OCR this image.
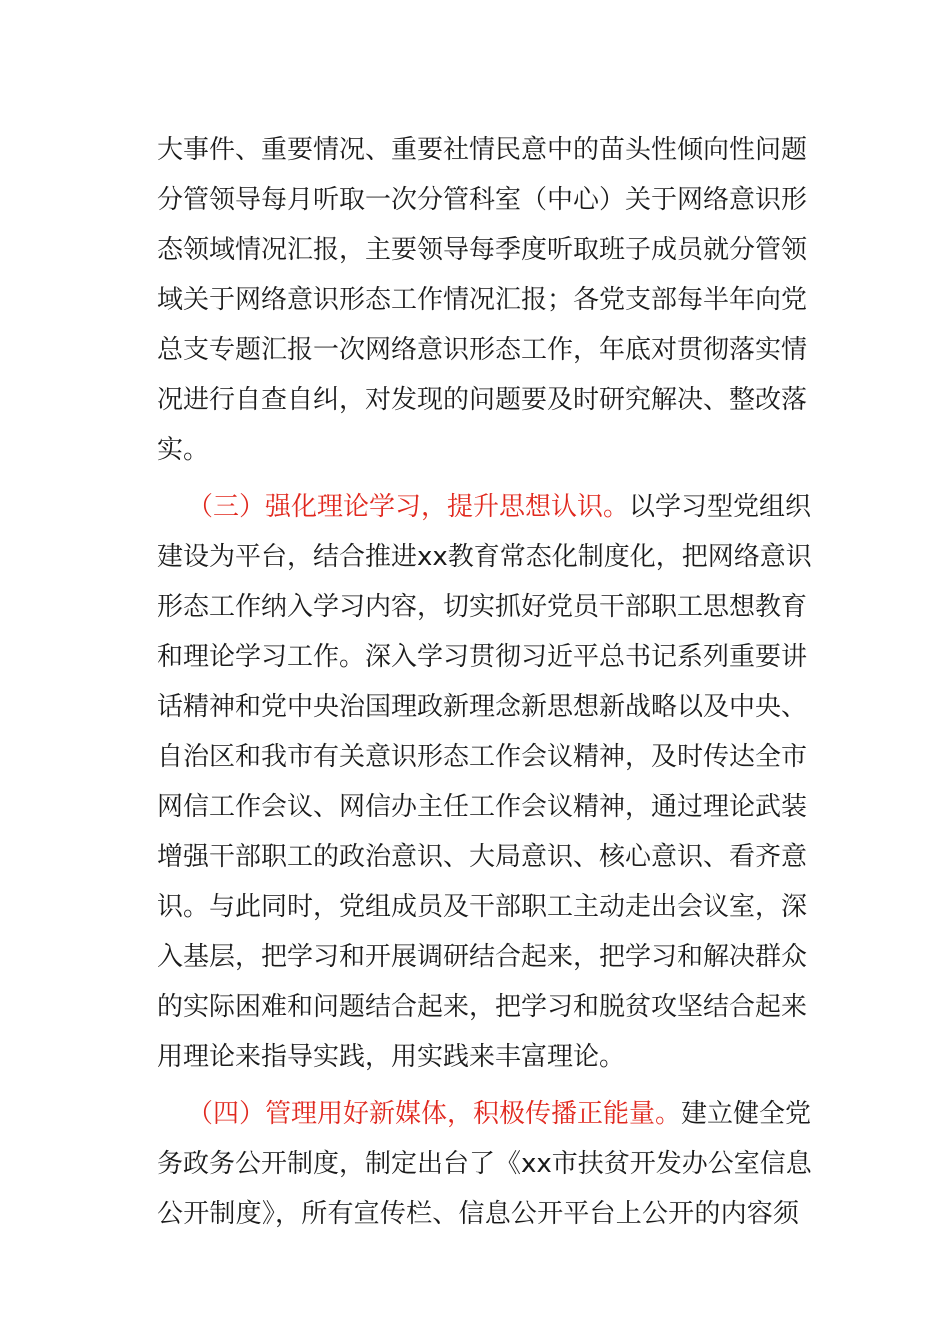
大事件、重要情况、重要社情民意中的苗头性倾向性问题
分管领导每月听取一次分管科室（中心）关于网络意识形
态领域情况汇报，主要领导每季度听取班子成员就分管领
域关于网络意识形态工作情况汇报；各党支部每半年向党
总支专题汇报一次网络意识形态工作，年底对贯彻落实情
况进行自查自纠，对发现的问题要及时研究解决、整改落
实。
（三）强化理论学习，提升思想认识。以学习型党组织
建设为平台，结合推进xx教育常态化制度化，把网络意识
形态工作纳入学习内容，切实抓好党员干部职工思想教育
和理论学习工作。深入学习贯彻习近平总书记系列重要讲
话精神和党中央治国理政新理念新思想新战略以及中央、
自治区和我市有关意识形态工作会议精神，及时传达全市
网信工作会议、网信办主任工作会议精神，通过理论武装
增强干部职工的政治意识、大局意识、核心意识、看齐意
识。与此同时，党组成员及干部职工主动走出会议室，深
入基层，把学习和开展调研结合起来，把学习和解决群众
的实际困难和问题结合起来，把学习和脱贫攻坚结合起来
用理论来指导实践，用实践来丰富理论。
（四）管理用好新媒体，积极传播正能量。建立健全党
务政务公开制度，制定出台了《xx市扶贫开发办公室信息
公开制度》，所有宣传栏、信息公开平台上公开的内容须
